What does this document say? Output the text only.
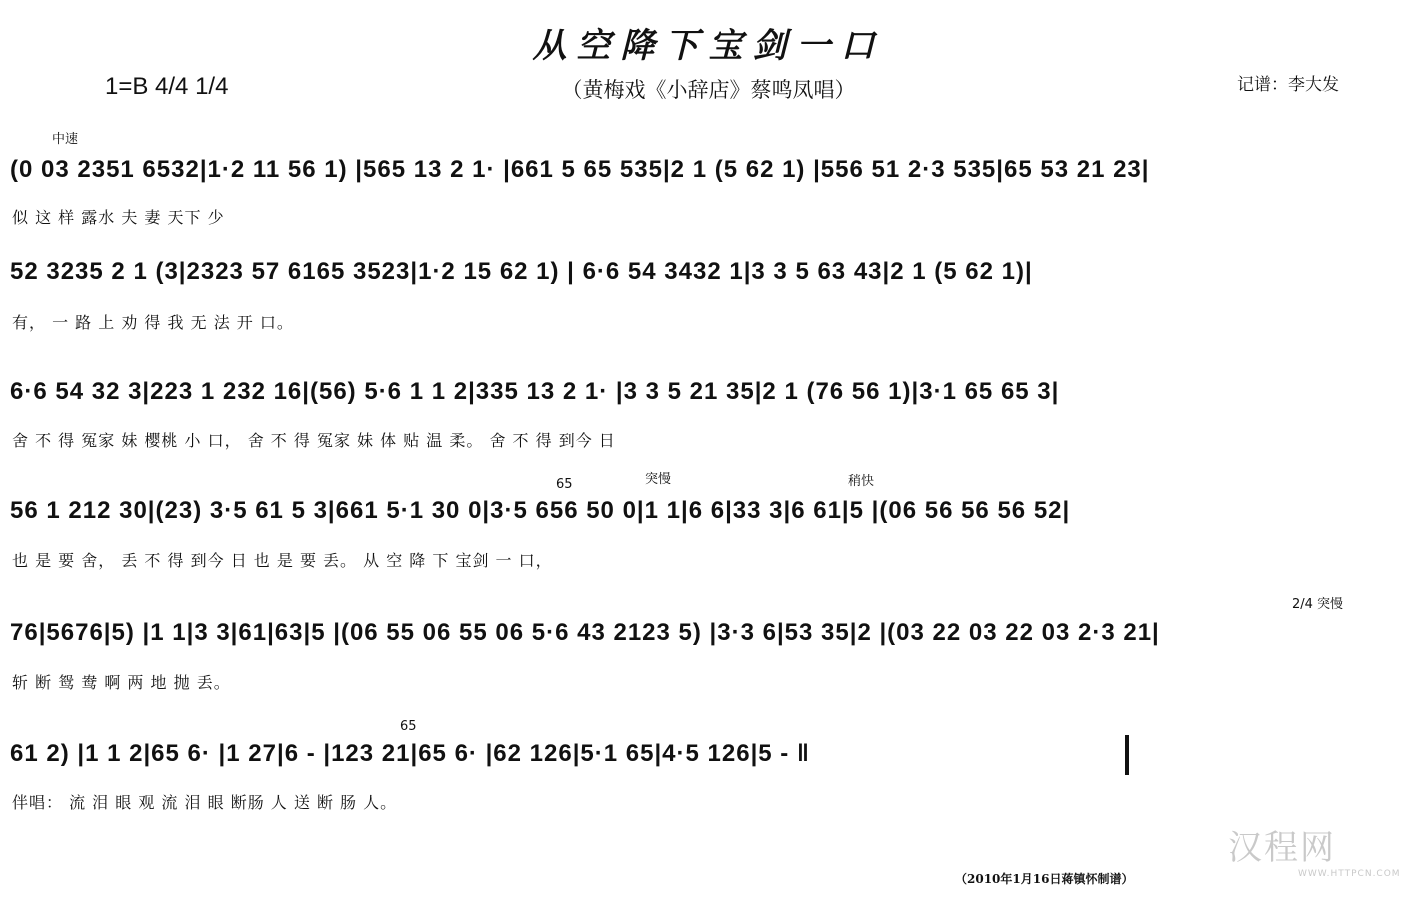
从空降下宝剑一口
（黄梅戏《小辞店》蔡鸣凤唱）
1=B 4/4 1/4	记谱：李大发
中速
突慢	稍快
2/4 突慢
65
65
(0 03 2351 6532|1·2 11 56 1) |565 13 2 1· |661 5 65 535|2 1 (5 62 1) |556 51 2·3 535|65 53 21 23|
似 这 样 露水 夫 妻 天下 少
52 3235 2 1 (3|2323 57 6165 3523|1·2 15 62 1) | 6·6 54 3432 1|3 3 5 63 43|2 1 (5 62 1)|
有， 一 路 上 劝 得 我 无 法 开 口。
6·6 54 32 3|223 1 232 16|(56) 5·6 1 1 2|335 13 2 1· |3 3 5 21 35|2 1 (76 56 1)|3·1 65 65 3|
舍 不 得 冤家 妹 樱桃 小 口， 舍 不 得 冤家 妹 体 贴 温 柔。 舍 不 得 到今 日
56 1 212 30|(23) 3·5 61 5 3|661 5·1 30 0|3·5 656 50 0|1 1|6 6|33 3|6 61|5 |(06 56 56 56 52|
也 是 要 舍， 丢 不 得 到今 日 也 是 要 丢。 从 空 降 下 宝剑 一 口，
76|5676|5) |1 1|3 3|61|63|5 |(06 55 06 55 06 5·6 43 2123 5) |3·3 6|53 35|2 |(03 22 03 22 03 2·3 21|
斩 断 鸳 鸯 啊 两 地 抛 丢。
61 2) |1 1 2|65 6· |1 27|6 - |123 21|65 6· |62 126|5·1 65|4·5 126|5 - ‖
伴唱： 流 泪 眼 观 流 泪 眼 断肠 人 送 断 肠 人。
汉程网
WWW.HTTPCN.COM
（2010年1月16日蒋镇怀制谱）
